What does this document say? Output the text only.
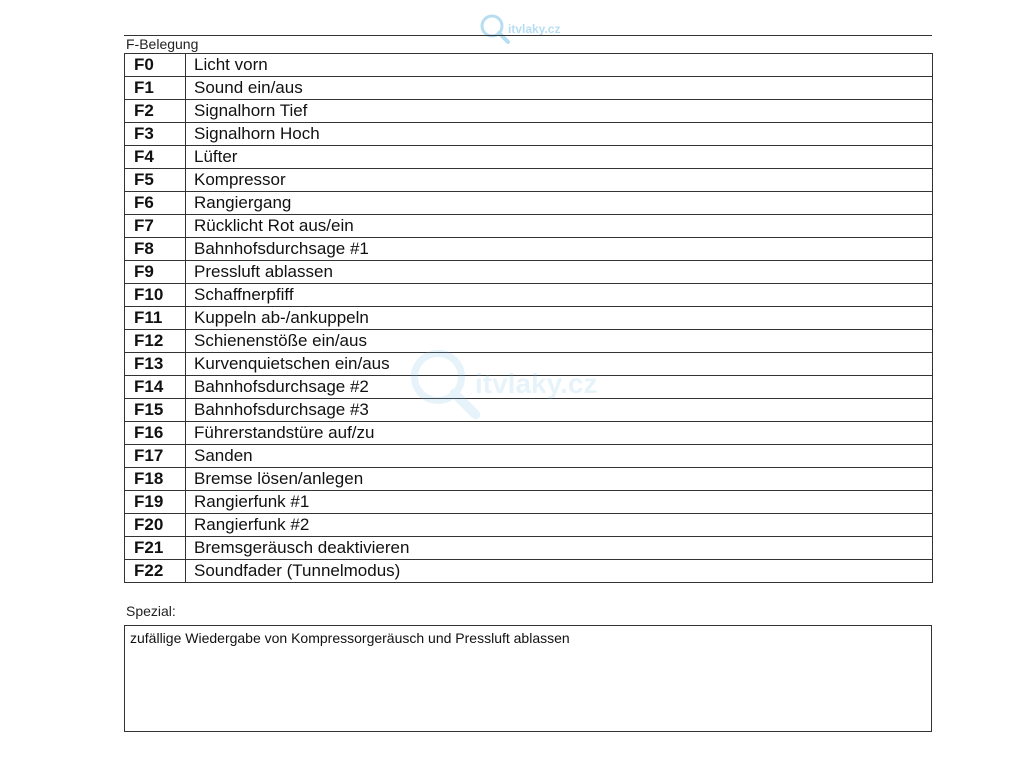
itvlaky.cz
F-Belegung
F0	Licht vorn
F1	Sound ein/aus
F2	Signalhorn Tief
F3	Signalhorn Hoch
F4	Lüfter
F5	Kompressor
F6	Rangiergang
F7	Rücklicht Rot aus/ein
F8	Bahnhofsdurchsage #1
F9	Pressluft ablassen
F10	Schaffnerpfiff
F11	Kuppeln ab-/ankuppeln
F12	Schienenstöße ein/aus
F13	Kurvenquietschen ein/aus
F14	Bahnhofsdurchsage #2
F15	Bahnhofsdurchsage #3
F16	Führerstandstüre auf/zu
F17	Sanden
F18	Bremse lösen/anlegen
F19	Rangierfunk #1
F20	Rangierfunk #2
F21	Bremsgeräusch deaktivieren
F22	Soundfader (Tunnelmodus)
itvlaky.cz
Spezial:
zufällige Wiedergabe von Kompressorgeräusch und Pressluft ablassen
